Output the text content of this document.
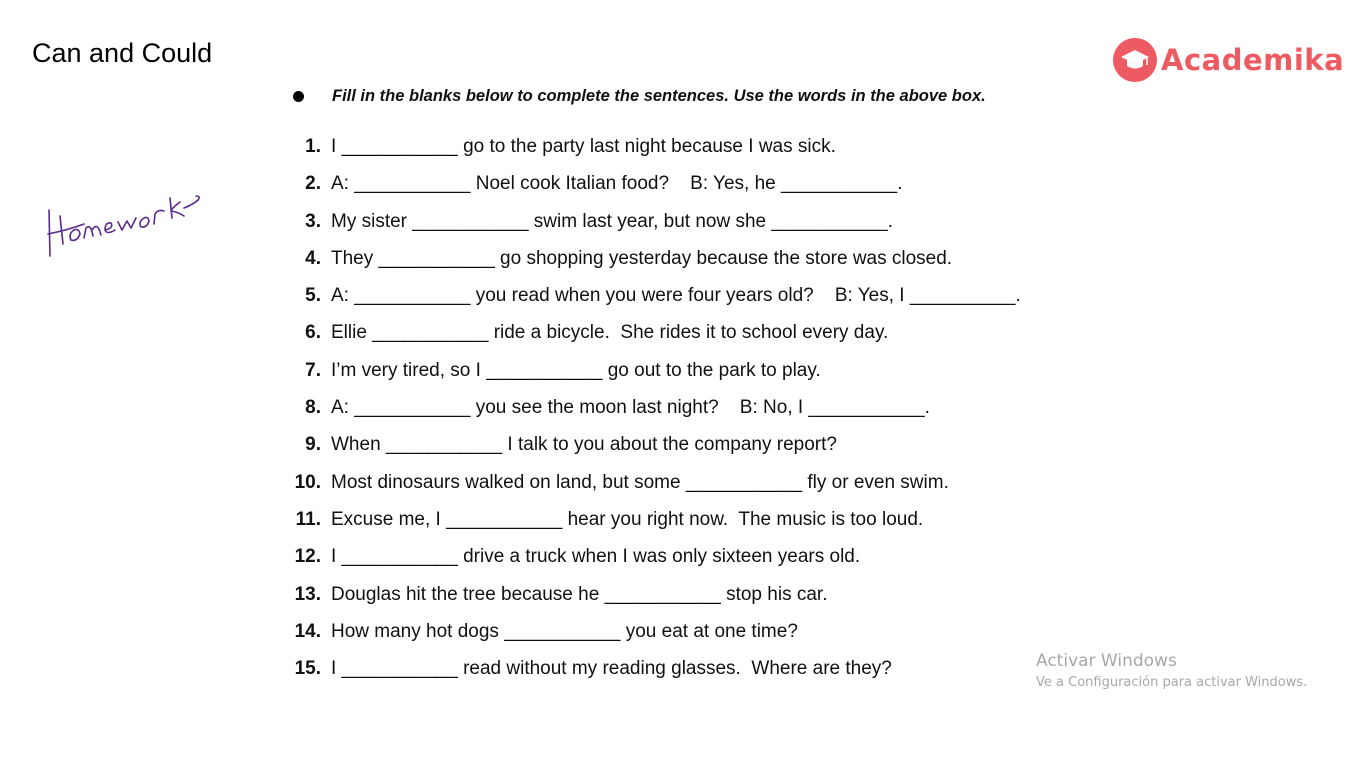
Can and Could	Academika
Fill in the blanks below to complete the sentences. Use the words in the above box.
1. I ___________ go to the party last night because I was sick.
2. A: ___________ Noel cook Italian food?    B: Yes, he ___________.
3. My sister ___________ swim last year, but now she ___________.
4. They ___________ go shopping yesterday because the store was closed.
5. A: ___________ you read when you were four years old?    B: Yes, I __________.
6. Ellie ___________ ride a bicycle.  She rides it to school every day.
7. I’m very tired, so I ___________ go out to the park to play.
8. A: ___________ you see the moon last night?    B: No, I ___________.
9. When ___________ I talk to you about the company report?
10. Most dinosaurs walked on land, but some ___________ fly or even swim.
11. Excuse me, I ___________ hear you right now.  The music is too loud.
12. I ___________ drive a truck when I was only sixteen years old.
13. Douglas hit the tree because he ___________ stop his car.
14. How many hot dogs ___________ you eat at one time?
15. I ___________ read without my reading glasses.  Where are they?	Activar Windows
Ve a Configuración para activar Windows.
